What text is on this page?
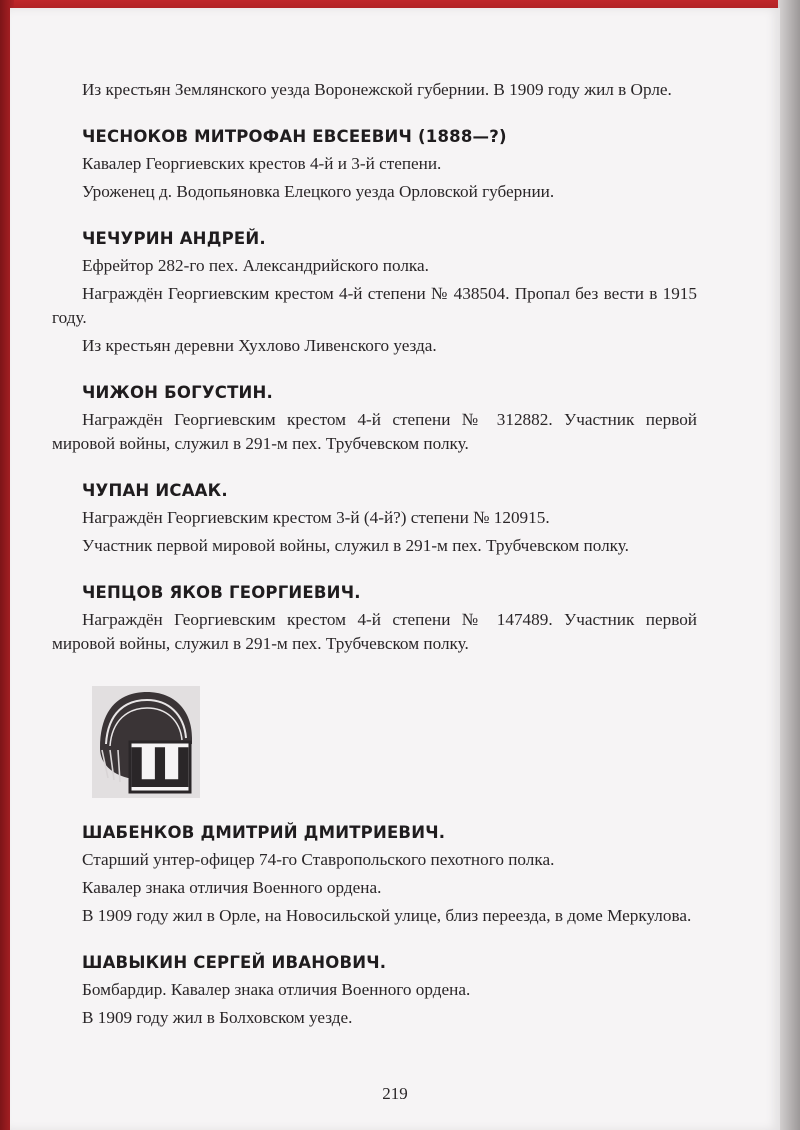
Из крестьян Землянского уезда Воронежской губернии. В 1909 году жил в Орле.

ЧЕСНОКОВ МИТРОФАН ЕВСЕЕВИЧ (1888—?)

Кавалер Георгиевских крестов 4-й и 3-й степени.

Уроженец д. Водопьяновка Елецкого уезда Орловской губернии.

ЧЕЧУРИН АНДРЕЙ.

Ефрейтор 282-го пех. Александрийского полка.

Награждён Георгиевским крестом 4-й степени № 438504. Пропал без вести в 1915 году.

Из крестьян деревни Хухлово Ливенского уезда.

ЧИЖОН БОГУСТИН.

Награждён Георгиевским крестом 4-й степени № 312882. Участник первой мировой войны, служил в 291-м пех. Трубчевском полку.

ЧУПАН ИСААК.

Награждён Георгиевским крестом 3-й (4-й?) степени № 120915.

Участник первой мировой войны, служил в 291-м пех. Трубчевском полку.

ЧЕПЦОВ ЯКОВ ГЕОРГИЕВИЧ.

Награждён Георгиевским крестом 4-й степени № 147489. Участник первой мировой войны, служил в 291-м пех. Трубчевском полку.

Ш
ШАБЕНКОВ ДМИТРИЙ ДМИТРИЕВИЧ.

Старший унтер-офицер 74-го Ставропольского пехотного полка.

Кавалер знака отличия Военного ордена.

В 1909 году жил в Орле, на Новосильской улице, близ переезда, в доме Меркулова.

ШАВЫКИН СЕРГЕЙ ИВАНОВИЧ.

Бомбардир. Кавалер знака отличия Военного ордена.

В 1909 году жил в Болховском уезде.

219
